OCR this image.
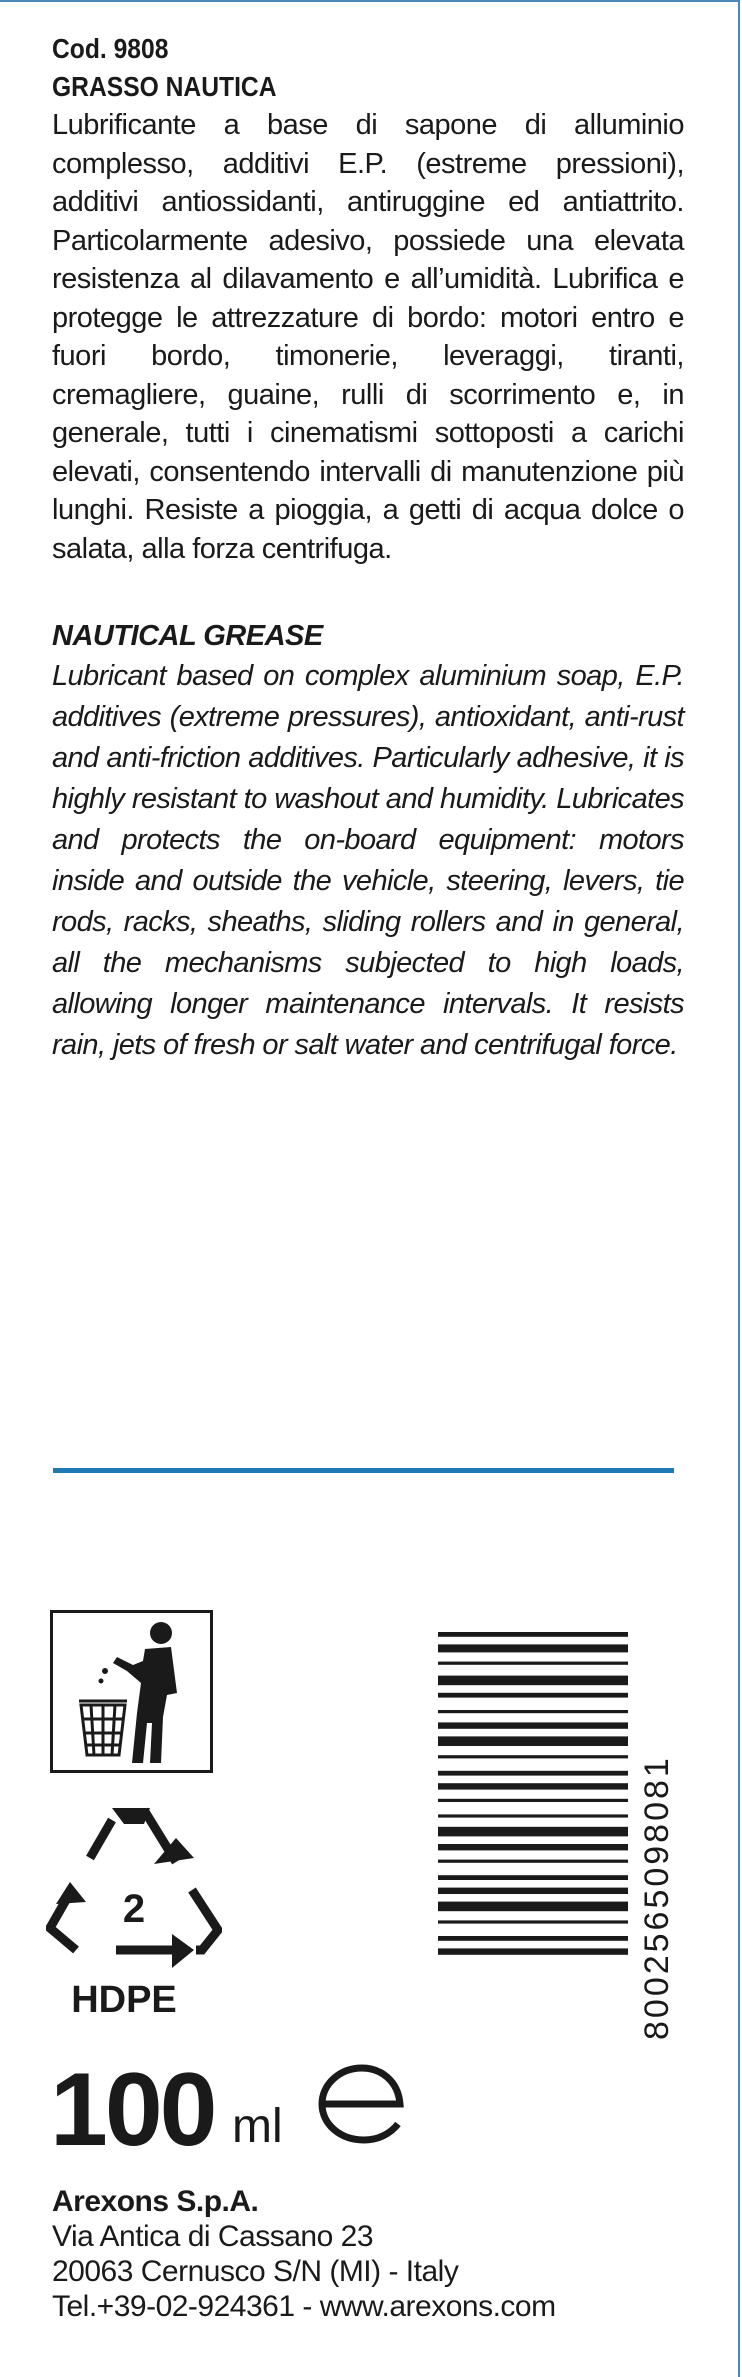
Cod. 9808

GRASSO NAUTICA

Lubrificante a base di sapone di alluminio complesso, additivi E.P. (estreme pressioni), additivi antiossidanti, antiruggine ed antiattrito. Particolarmente adesivo, possiede una elevata resistenza al dilavamento e all’umidità. Lubrifica e protegge le attrezzature di bordo: motori entro e fuori bordo, timonerie, leveraggi, tiranti, cremagliere, guaine, rulli di scorrimento e, in generale, tutti i cinematismi sottoposti a carichi elevati, consentendo intervalli di manutenzione più lunghi. Resiste a pioggia, a getti di acqua dolce o salata, alla forza centrifuga.

NAUTICAL GREASE

Lubricant based on complex aluminium soap, E.P. additives (extreme pressures), antioxidant, anti-rust and anti-friction additives. Particularly adhesive, it is highly resistant to washout and humidity. Lubricates and protects the on-board equipment: motors inside and outside the vehicle, steering, levers, tie rods, racks, sheaths, sliding rollers and in general, all the mechanisms subjected to high loads, allowing longer maintenance intervals. It resists rain, jets of fresh or salt water and centrifugal force.

2
HDPE	8002565098081
100 ml
Arexons S.p.A.
Via Antica di Cassano 23
20063 Cernusco S/N (MI) - Italy
Tel.+39-02-924361 - www.arexons.com
